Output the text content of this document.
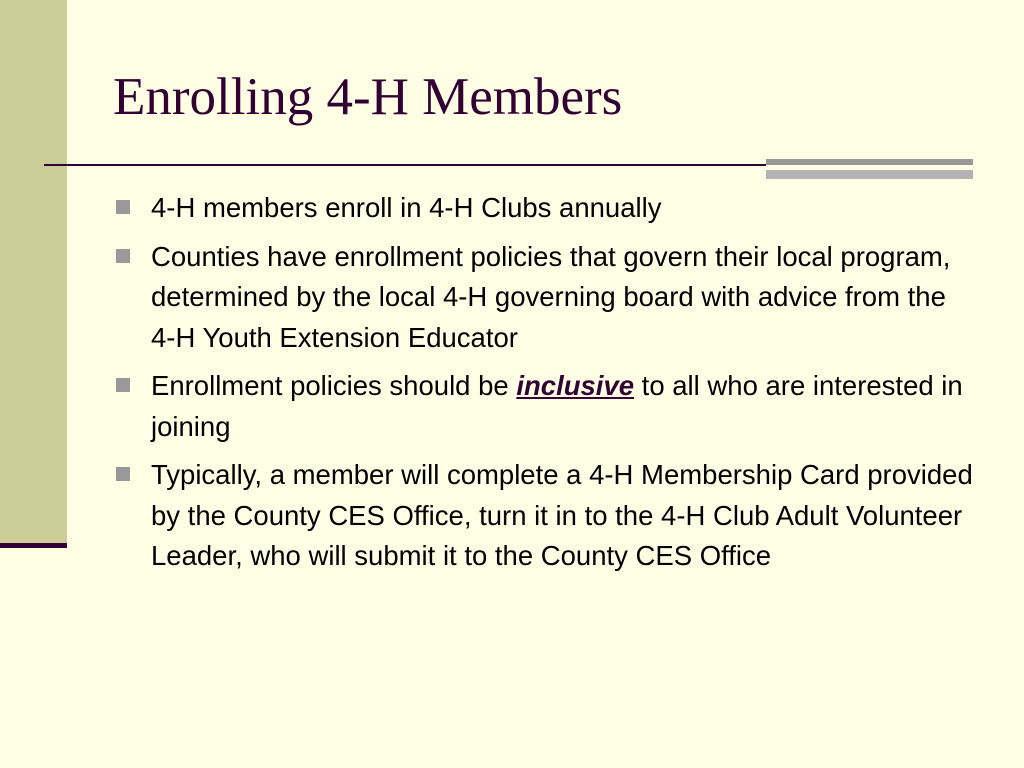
Enrolling 4-H Members
4-H members enroll in 4-H Clubs annually
Counties have enrollment policies that govern their local program, determined by the local 4-H governing board with advice from the 4-H Youth Extension Educator
Enrollment policies should be inclusive to all who are interested in joining
Typically, a member will complete a 4-H Membership Card provided by the County CES Office, turn it in to the 4-H Club Adult Volunteer Leader, who will submit it to the County CES Office
